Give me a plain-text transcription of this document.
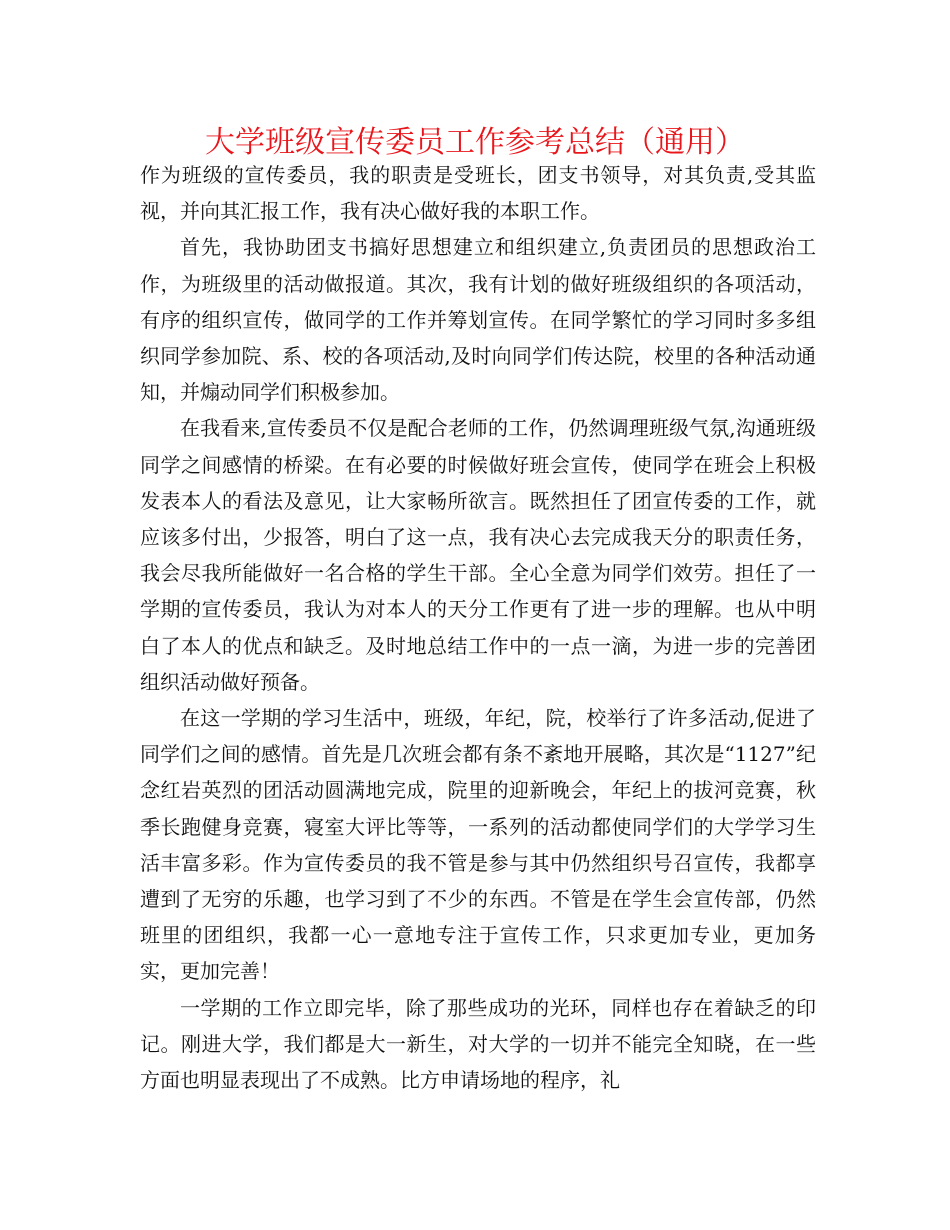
大学班级宣传委员工作参考总结（通用）

作为班级的宣传委员，我的职责是受班长，团支书领导，对其负责,受其监视，并向其汇报工作，我有决心做好我的本职工作。

首先，我协助团支书搞好思想建立和组织建立,负责团员的思想政治工作，为班级里的活动做报道。其次，我有计划的做好班级组织的各项活动，有序的组织宣传，做同学的工作并筹划宣传。在同学繁忙的学习同时多多组织同学参加院、系、校的各项活动,及时向同学们传达院，校里的各种活动通知，并煽动同学们积极参加。

在我看来,宣传委员不仅是配合老师的工作，仍然调理班级气氛,沟通班级同学之间感情的桥梁。在有必要的时候做好班会宣传，使同学在班会上积极发表本人的看法及意见，让大家畅所欲言。既然担任了团宣传委的工作，就应该多付出，少报答，明白了这一点，我有决心去完成我天分的职责任务，我会尽我所能做好一名合格的学生干部。全心全意为同学们效劳。担任了一学期的宣传委员，我认为对本人的天分工作更有了进一步的理解。也从中明白了本人的优点和缺乏。及时地总结工作中的一点一滴，为进一步的完善团组织活动做好预备。

在这一学期的学习生活中，班级，年纪，院，校举行了许多活动,促进了同学们之间的感情。首先是几次班会都有条不紊地开展略，其次是“1127”纪念红岩英烈的团活动圆满地完成，院里的迎新晚会，年纪上的拔河竞赛，秋季长跑健身竞赛，寝室大评比等等，一系列的活动都使同学们的大学学习生活丰富多彩。作为宣传委员的我不管是参与其中仍然组织号召宣传，我都享遭到了无穷的乐趣，也学习到了不少的东西。不管是在学生会宣传部，仍然班里的团组织，我都一心一意地专注于宣传工作，只求更加专业，更加务实，更加完善！

一学期的工作立即完毕，除了那些成功的光环，同样也存在着缺乏的印记。刚进大学，我们都是大一新生，对大学的一切并不能完全知晓，在一些方面也明显表现出了不成熟。比方申请场地的程序，礼
